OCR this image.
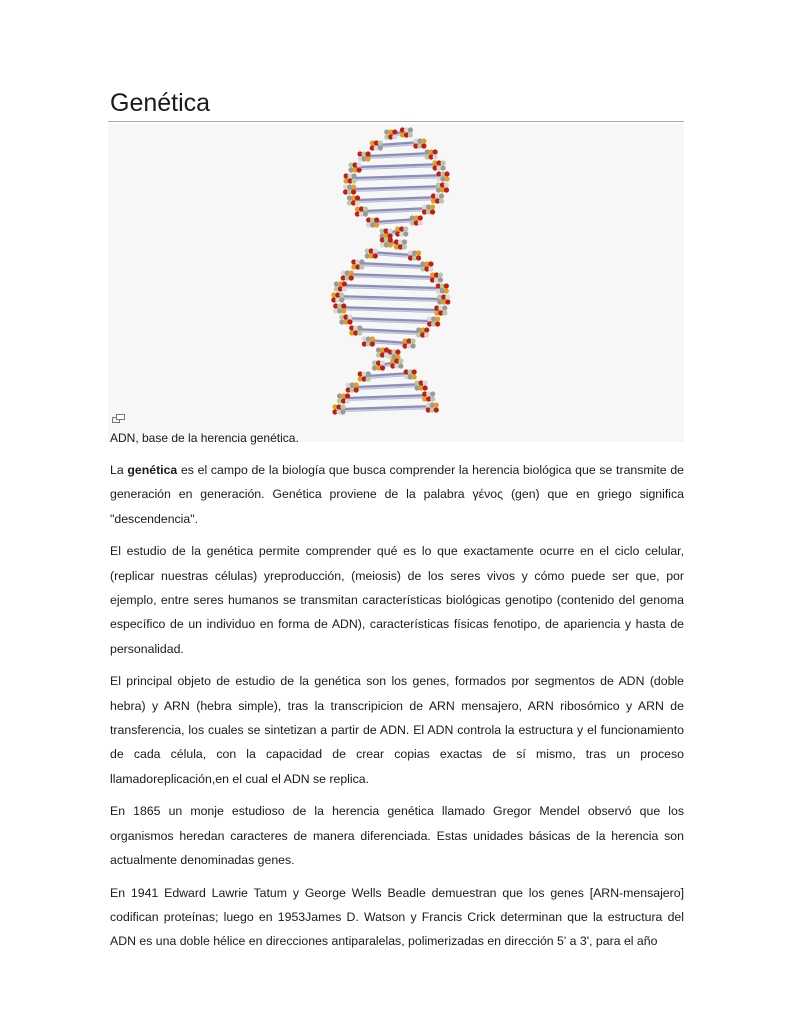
Genética
ADN, base de la herencia genética.

La genética es el campo de la biología que busca comprender la herencia biológica que se transmite de generación en generación. Genética proviene de la palabra γένος (gen) que en griego significa "descendencia".

El estudio de la genética permite comprender qué es lo que exactamente ocurre en el ciclo celular, (replicar nuestras células) yreproducción, (meiosis) de los seres vivos y cómo puede ser que, por ejemplo, entre seres humanos se transmitan características biológicas genotipo (contenido del genoma específico de un individuo en forma de ADN), características físicas fenotipo, de apariencia y hasta de personalidad.

El principal objeto de estudio de la genética son los genes, formados por segmentos de ADN (doble hebra) y ARN (hebra simple), tras la transcripicion de ARN mensajero, ARN ribosómico y ARN de transferencia, los cuales se sintetizan a partir de ADN. El ADN controla la estructura y el funcionamiento de cada célula, con la capacidad de crear copias exactas de sí mismo, tras un proceso llamadoreplicación,en el cual el ADN se replica.

En 1865 un monje estudioso de la herencia genética llamado Gregor Mendel observó que los organismos heredan caracteres de manera diferenciada. Estas unidades básicas de la herencia son actualmente denominadas genes.

En 1941 Edward Lawrie Tatum y George Wells Beadle demuestran que los genes [ARN-mensajero] codifican proteínas; luego en 1953James D. Watson y Francis Crick determinan que la estructura del ADN es una doble hélice en direcciones antiparalelas, polimerizadas en dirección 5' a 3', para el año
